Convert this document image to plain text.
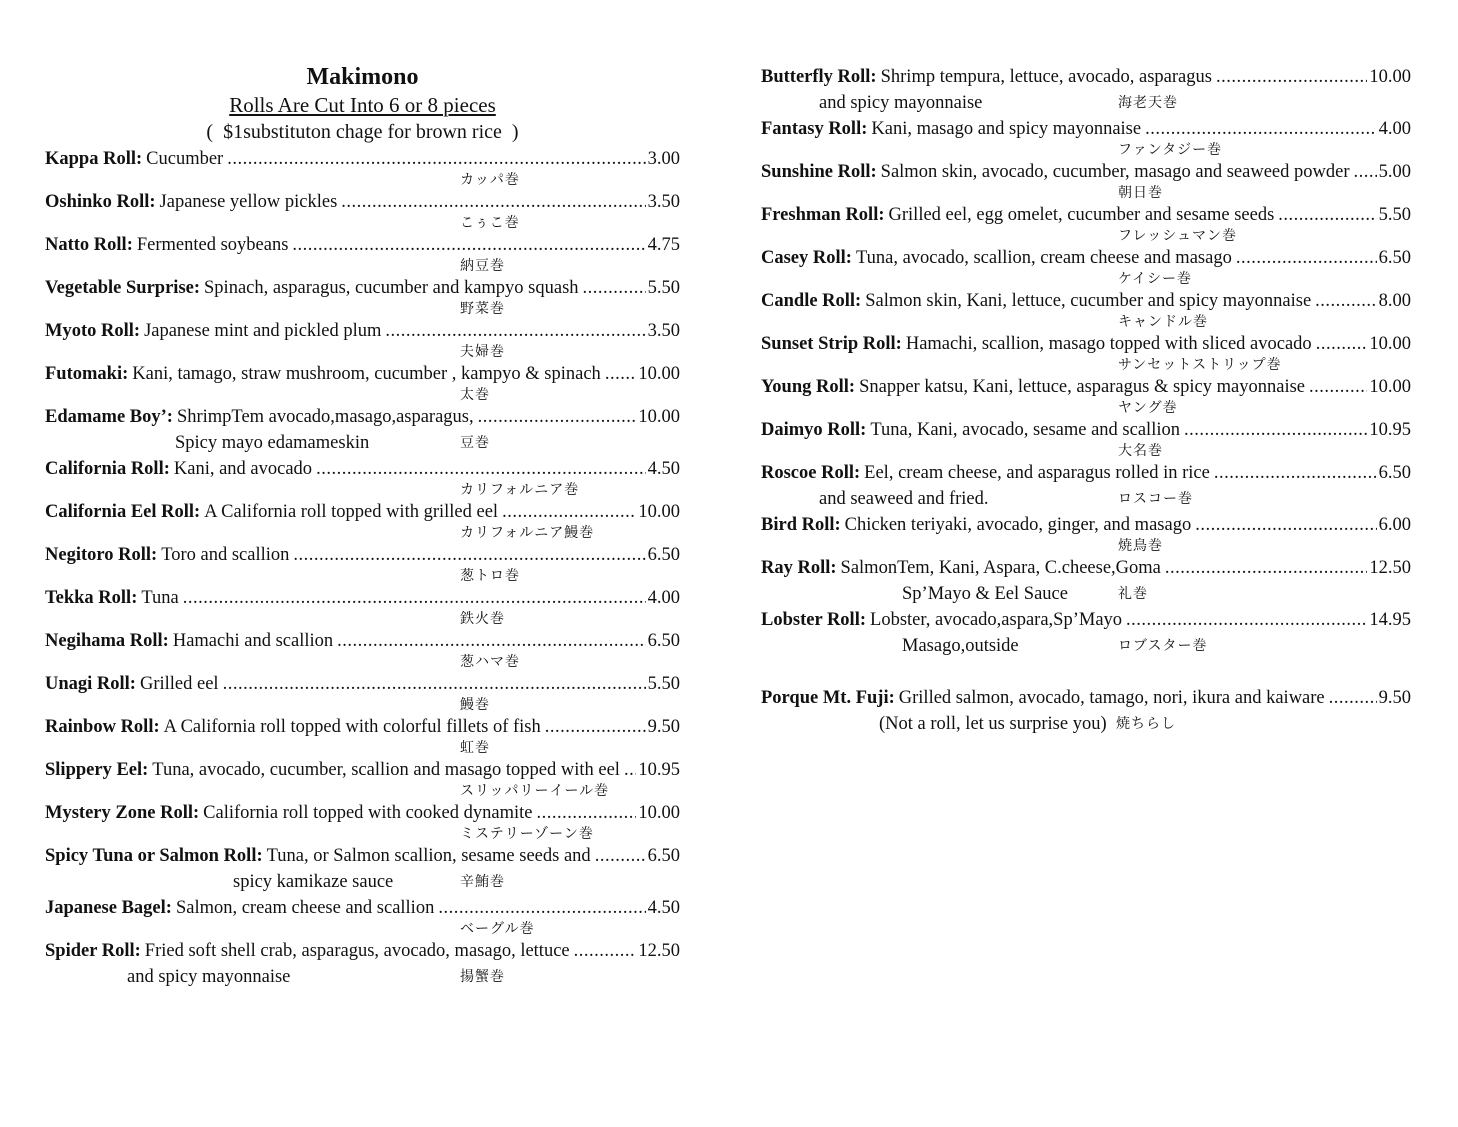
Makimono
Rolls Are Cut Into 6 or 8 pieces
(  $1substituton chage for brown rice  )
Kappa Roll: Cucumber .....	3.00
カッパ巻
Oshinko Roll: Japanese yellow pickles .....	3.50
こぅこ巻
Natto Roll: Fermented soybeans .....	4.75
納豆巻
Vegetable Surprise: Spinach, asparagus, cucumber and kampyo squash .....	5.50
野菜巻
Myoto Roll: Japanese mint and pickled plum .....	3.50
夫婦巻
Futomaki: Kani, tamago, straw mushroom, cucumber , kampyo & spinach ..... 10.00
太巻
Edamame Boy’: ShrimpTem avocado,masago,asparagus, .....	10.00
Spicy mayo edamameskin	豆巻
California Roll: Kani, and avocado .....	4.50
カリフォルニア巻
California Eel Roll: A California roll topped with grilled eel .....	10.00
カリフォルニア鰻巻
Negitoro Roll: Toro and scallion .....	6.50
葱トロ巻
Tekka Roll: Tuna .....	4.00
鉄火巻
Negihama Roll: Hamachi and scallion .....	6.50
葱ハマ巻
Unagi Roll: Grilled eel .....	5.50
鰻巻
Rainbow Roll: A California roll topped with colorful fillets of fish .....	9.50
虹巻
Slippery Eel: Tuna, avocado, cucumber, scallion and masago topped with eel ..... 10.95
スリッパリーイール巻
Mystery Zone Roll: California roll topped with cooked dynamite .....	10.00
ミステリーゾーン巻
Spicy Tuna or Salmon Roll: Tuna, or Salmon scallion, sesame seeds and .....	6.50
spicy kamikaze sauce	辛鮪巻
Japanese Bagel: Salmon, cream cheese and scallion .....	4.50
ベーグル巻
Spider Roll: Fried soft shell crab, asparagus, avocado, masago, lettuce .....	12.50
and spicy mayonnaise	揚蟹巻
Butterfly Roll: Shrimp tempura, lettuce, avocado, asparagus .....	10.00
and spicy mayonnaise	海老天巻
Fantasy Roll: Kani, masago and spicy mayonnaise .....	4.00
ファンタジー巻
Sunshine Roll: Salmon skin, avocado, cucumber, masago and seaweed powder ..... 5.00
朝日巻
Freshman Roll: Grilled eel, egg omelet, cucumber and sesame seeds .....	5.50
フレッシュマン巻
Casey Roll: Tuna, avocado, scallion, cream cheese and masago .....	6.50
ケイシー巻
Candle Roll: Salmon skin, Kani, lettuce, cucumber and spicy mayonnaise .....	8.00
キャンドル巻
Sunset Strip Roll: Hamachi, scallion, masago topped with sliced avocado .....	10.00
サンセットストリップ巻
Young Roll: Snapper katsu, Kani, lettuce, asparagus & spicy mayonnaise .....	10.00
ヤング巻
Daimyo Roll: Tuna, Kani, avocado, sesame and scallion .....	10.95
大名巻
Roscoe Roll: Eel, cream cheese, and asparagus rolled in rice .....	6.50
and seaweed and fried.	ロスコー巻
Bird Roll: Chicken teriyaki, avocado, ginger, and masago .....	6.00
焼鳥巻
Ray Roll: SalmonTem, Kani, Aspara, C.cheese,Goma .....	12.50
Sp’Mayo & Eel Sauce	礼巻
Lobster Roll: Lobster, avocado,aspara,Sp’Mayo .....	14.95
Masago,outside	ロブスター巻
Porque Mt. Fuji: Grilled salmon, avocado, tamago, nori, ikura and kaiware .....	9.50
(Not a roll, let us surprise you) 焼ちらし
